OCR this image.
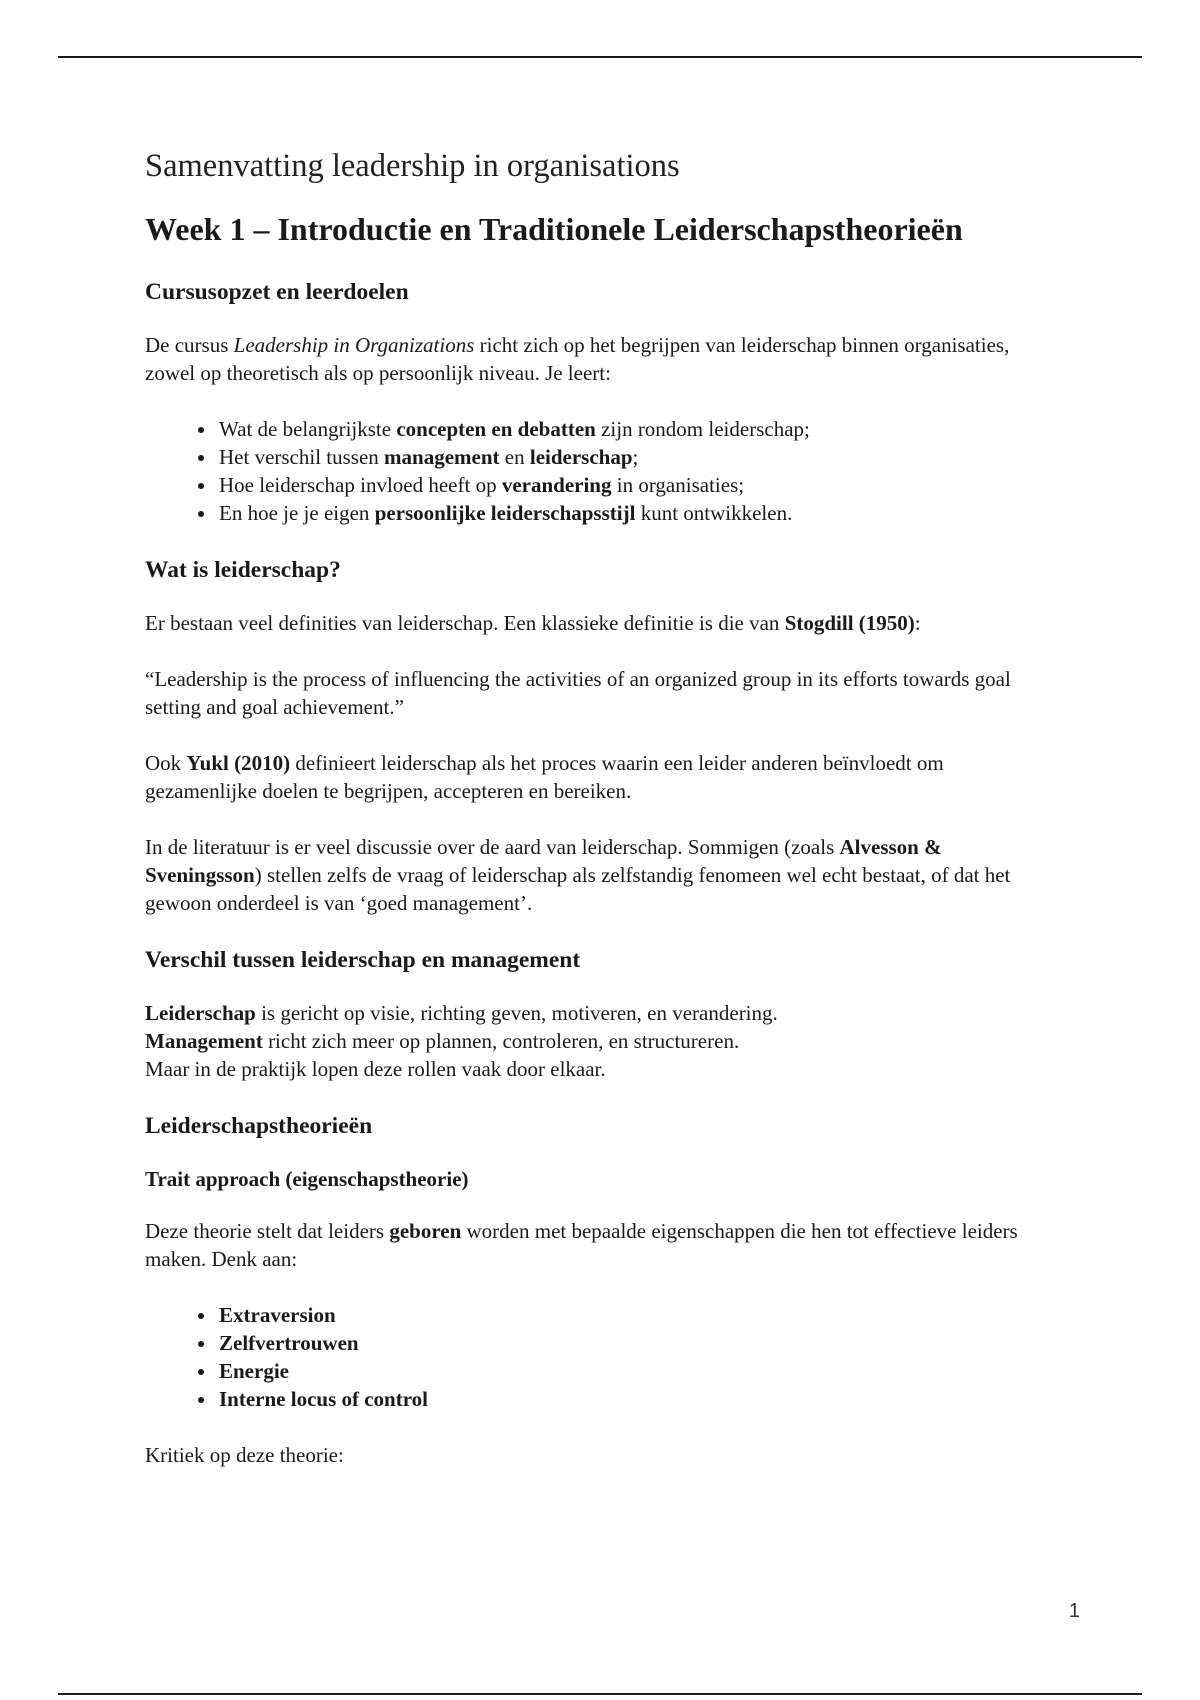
Samenvatting leadership in organisations
Week 1 – Introductie en Traditionele Leiderschapstheorieën
Cursusopzet en leerdoelen

De cursus Leadership in Organizations richt zich op het begrijpen van leiderschap binnen organisaties, zowel op theoretisch als op persoonlijk niveau. Je leert:

• Wat de belangrijkste concepten en debatten zijn rondom leiderschap;
• Het verschil tussen management en leiderschap;
• Hoe leiderschap invloed heeft op verandering in organisaties;
• En hoe je je eigen persoonlijke leiderschapsstijl kunt ontwikkelen.
Wat is leiderschap?

Er bestaan veel definities van leiderschap. Een klassieke definitie is die van Stogdill (1950):

“Leadership is the process of influencing the activities of an organized group in its efforts towards goal setting and goal achievement.”

Ook Yukl (2010) definieert leiderschap als het proces waarin een leider anderen beïnvloedt om gezamenlijke doelen te begrijpen, accepteren en bereiken.

In de literatuur is er veel discussie over de aard van leiderschap. Sommigen (zoals Alvesson & Sveningsson) stellen zelfs de vraag of leiderschap als zelfstandig fenomeen wel echt bestaat, of dat het gewoon onderdeel is van ‘goed management’.

Verschil tussen leiderschap en management

Leiderschap is gericht op visie, richting geven, motiveren, en verandering.
Management richt zich meer op plannen, controleren, en structureren.
Maar in de praktijk lopen deze rollen vaak door elkaar.

Leiderschapstheorieën
Trait approach (eigenschapstheorie)

Deze theorie stelt dat leiders geboren worden met bepaalde eigenschappen die hen tot effectieve leiders maken. Denk aan:

• Extraversion
• Zelfvertrouwen
• Energie
• Interne locus of control

Kritiek op deze theorie:

1
